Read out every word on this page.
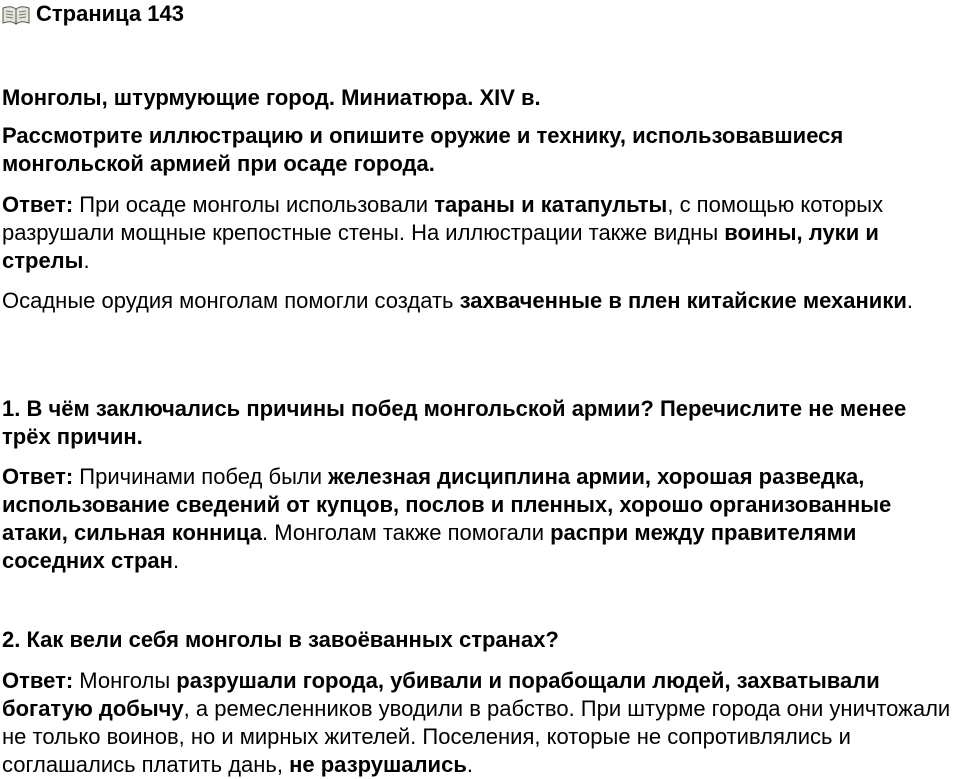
Страница 143

Монголы, штурмующие город. Миниатюра. XIV в.

Рассмотрите иллюстрацию и опишите оружие и технику, использовавшиеся монгольской армией при осаде города.

Ответ: При осаде монголы использовали тараны и катапульты, с помощью которых разрушали мощные крепостные стены. На иллюстрации также видны воины, луки и стрелы.

Осадные орудия монголам помогли создать захваченные в плен китайские механики.

1. В чём заключались причины побед монгольской армии? Перечислите не менее трёх причин.

Ответ: Причинами побед были железная дисциплина армии, хорошая разведка, использование сведений от купцов, послов и пленных, хорошо организованные атаки, сильная конница. Монголам также помогали распри между правителями соседних стран.

2. Как вели себя монголы в завоёванных странах?

Ответ: Монголы разрушали города, убивали и порабощали людей, захватывали богатую добычу, а ремесленников уводили в рабство. При штурме города они уничтожали не только воинов, но и мирных жителей. Поселения, которые не сопротивлялись и соглашались платить дань, не разрушались.
